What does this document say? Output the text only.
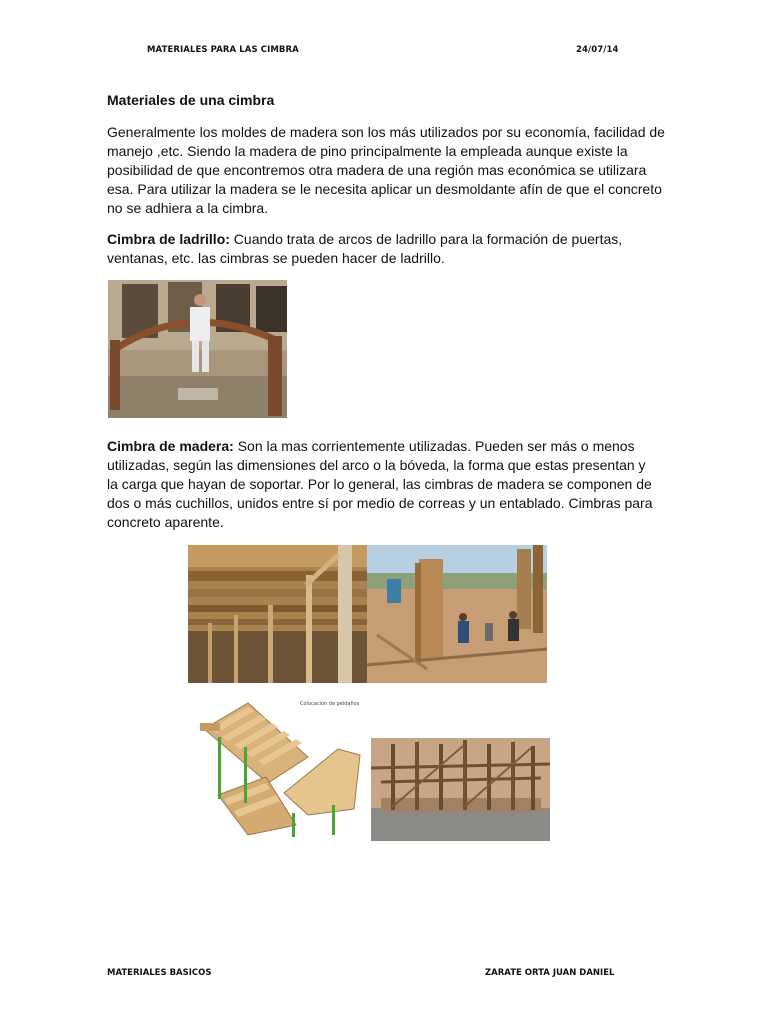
MATERIALES PARA LAS CIMBRA	24/07/14
Materiales de una cimbra

Generalmente los moldes de madera son los más utilizados por su economía, facilidad de manejo ,etc. Siendo la madera de pino principalmente la empleada aunque existe la posibilidad de que encontremos otra madera de una región mas económica se utilizara esa. Para utilizar la madera se le necesita aplicar un desmoldante afín de que el concreto no se adhiera a la cimbra.

Cimbra de ladrillo: Cuando trata de arcos de ladrillo para la formación de puertas, ventanas, etc. las cimbras se pueden hacer de ladrillo.

Cimbra de madera: Son la mas corrientemente utilizadas. Pueden ser más o menos utilizadas, según las dimensiones del arco o la bóveda, la forma que estas presentan y la carga que hayan de soportar. Por lo general, las cimbras de madera se componen de dos o más cuchillos, unidos entre sí por medio de correas y un entablado. Cimbras para concreto aparente.

Colocación de peldaños
MATERIALES BASICOS	ZARATE ORTA JUAN DANIEL
